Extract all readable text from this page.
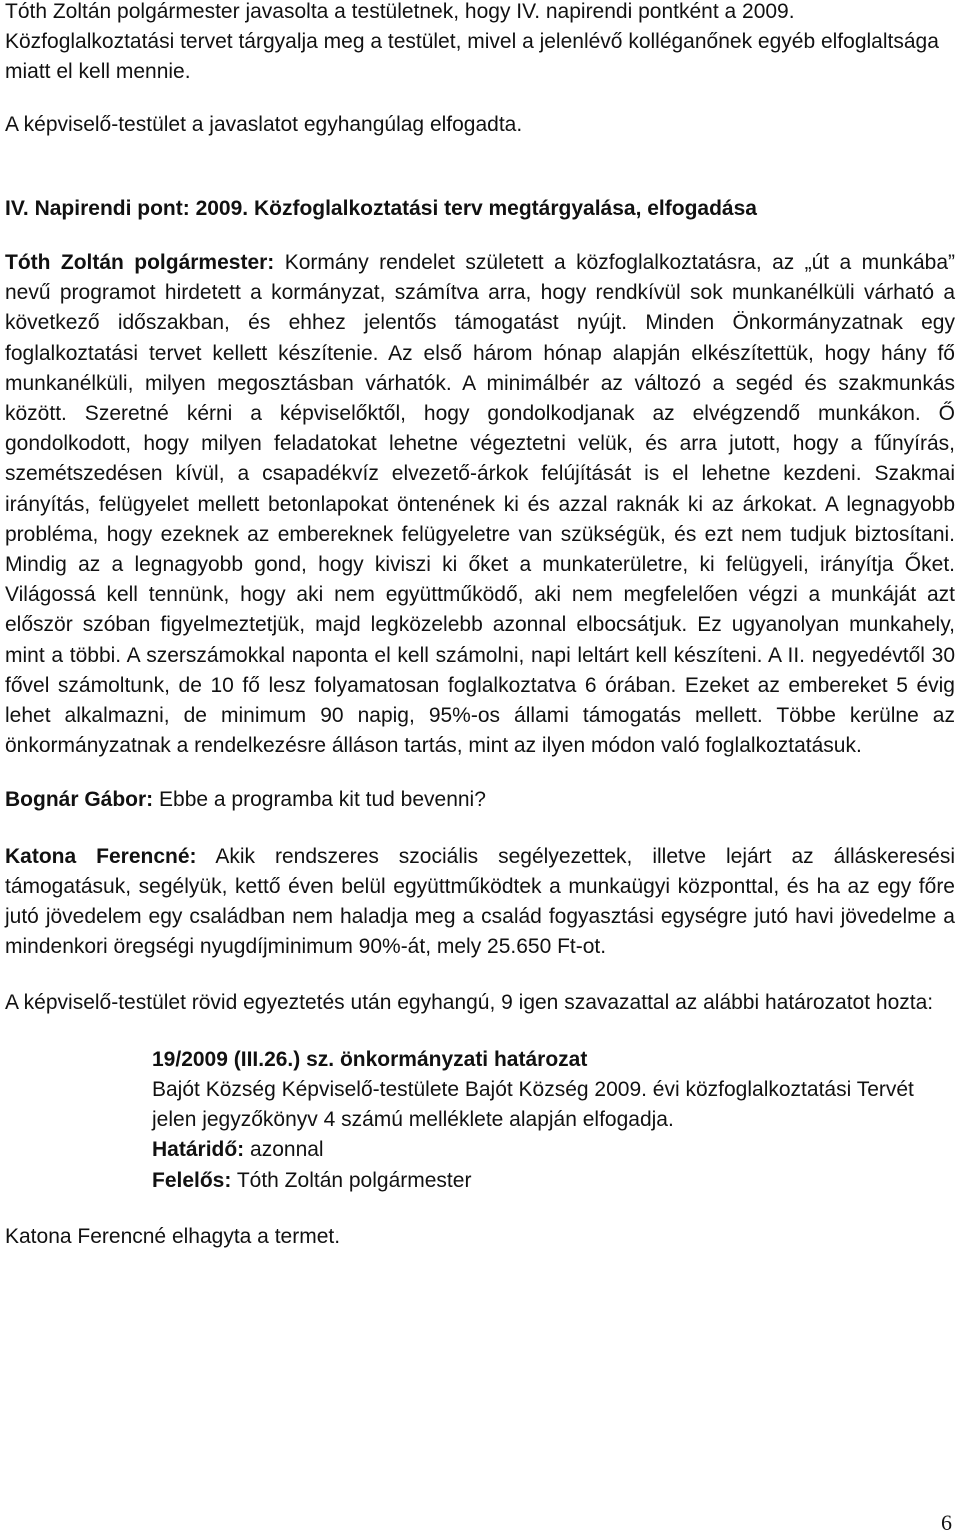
Tóth Zoltán polgármester javasolta a testületnek, hogy IV. napirendi pontként a 2009. Közfoglalkoztatási tervet tárgyalja meg a testület, mivel a jelenlévő kolléganőnek egyéb elfoglaltsága miatt el kell mennie.

A képviselő-testület a javaslatot egyhangúlag elfogadta.

IV. Napirendi pont: 2009. Közfoglalkoztatási terv megtárgyalása, elfogadása

Tóth Zoltán polgármester: Kormány rendelet született a közfoglalkoztatásra, az „út a munkába” nevű programot hirdetett a kormányzat, számítva arra, hogy rendkívül sok munkanélküli várható a következő időszakban, és ehhez jelentős támogatást nyújt. Minden Önkormányzatnak egy foglalkoztatási tervet kellett készítenie. Az első három hónap alapján elkészítettük, hogy hány fő munkanélküli, milyen megosztásban várhatók. A minimálbér az változó a segéd és szakmunkás között. Szeretné kérni a képviselőktől, hogy gondolkodjanak az elvégzendő munkákon. Ő gondolkodott, hogy milyen feladatokat lehetne végeztetni velük, és arra jutott, hogy a fűnyírás, szemétszedésen kívül, a csapadékvíz elvezető-árkok felújítását is el lehetne kezdeni. Szakmai irányítás, felügyelet mellett betonlapokat öntenének ki és azzal raknák ki az árkokat. A legnagyobb probléma, hogy ezeknek az embereknek felügyeletre van szükségük, és ezt nem tudjuk biztosítani. Mindig az a legnagyobb gond, hogy kiviszi ki őket a munkaterületre, ki felügyeli, irányítja Őket. Világossá kell tennünk, hogy aki nem együttműködő, aki nem megfelelően végzi a munkáját azt először szóban figyelmeztetjük, majd legközelebb azonnal elbocsátjuk. Ez ugyanolyan munkahely, mint a többi. A szerszámokkal naponta el kell számolni, napi leltárt kell készíteni. A II. negyedévtől 30 fővel számoltunk, de 10 fő lesz folyamatosan foglalkoztatva 6 órában. Ezeket az embereket 5 évig lehet alkalmazni, de minimum 90 napig, 95%-os állami támogatás mellett. Többe kerülne az önkormányzatnak a rendelkezésre álláson tartás, mint az ilyen módon való foglalkoztatásuk.

Bognár Gábor: Ebbe a programba kit tud bevenni?

Katona Ferencné: Akik rendszeres szociális segélyezettek, illetve lejárt az álláskeresési támogatásuk, segélyük, kettő éven belül együttműködtek a munkaügyi központtal, és ha az egy főre jutó jövedelem egy családban nem haladja meg a család fogyasztási egységre jutó havi jövedelme a mindenkori öregségi nyugdíjminimum 90%-át, mely 25.650 Ft-ot.

A képviselő-testület rövid egyeztetés után egyhangú, 9 igen szavazattal az alábbi határozatot hozta:

19/2009 (III.26.) sz. önkormányzati határozat

Bajót Község Képviselő-testülete Bajót Község 2009. évi közfoglalkoztatási Tervét jelen jegyzőkönyv 4 számú melléklete alapján elfogadja.

Határidő: azonnal

Felelős: Tóth Zoltán polgármester

Katona Ferencné elhagyta a termet.

6
